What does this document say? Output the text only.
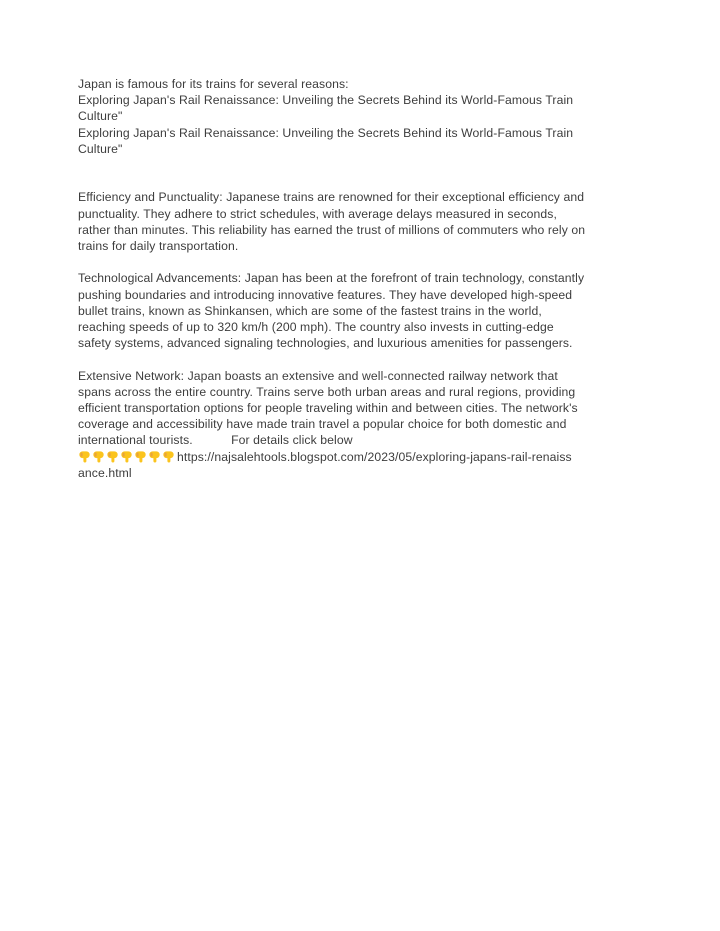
Japan is famous for its trains for several reasons:
Exploring Japan's Rail Renaissance: Unveiling the Secrets Behind its World-Famous Train
Culture"
Exploring Japan's Rail Renaissance: Unveiling the Secrets Behind its World-Famous Train
Culture"
Efficiency and Punctuality: Japanese trains are renowned for their exceptional efficiency and
punctuality. They adhere to strict schedules, with average delays measured in seconds,
rather than minutes. This reliability has earned the trust of millions of commuters who rely on
trains for daily transportation.
Technological Advancements: Japan has been at the forefront of train technology, constantly
pushing boundaries and introducing innovative features. They have developed high-speed
bullet trains, known as Shinkansen, which are some of the fastest trains in the world,
reaching speeds of up to 320 km/h (200 mph). The country also invests in cutting-edge
safety systems, advanced signaling technologies, and luxurious amenities for passengers.
Extensive Network: Japan boasts an extensive and well-connected railway network that
spans across the entire country. Trains serve both urban areas and rural regions, providing
efficient transportation options for people traveling within and between cities. The network's
coverage and accessibility have made train travel a popular choice for both domestic and
international tourists.           For details click below
https://najsalehtools.blogspot.com/2023/05/exploring-japans-rail-renaiss
ance.html
